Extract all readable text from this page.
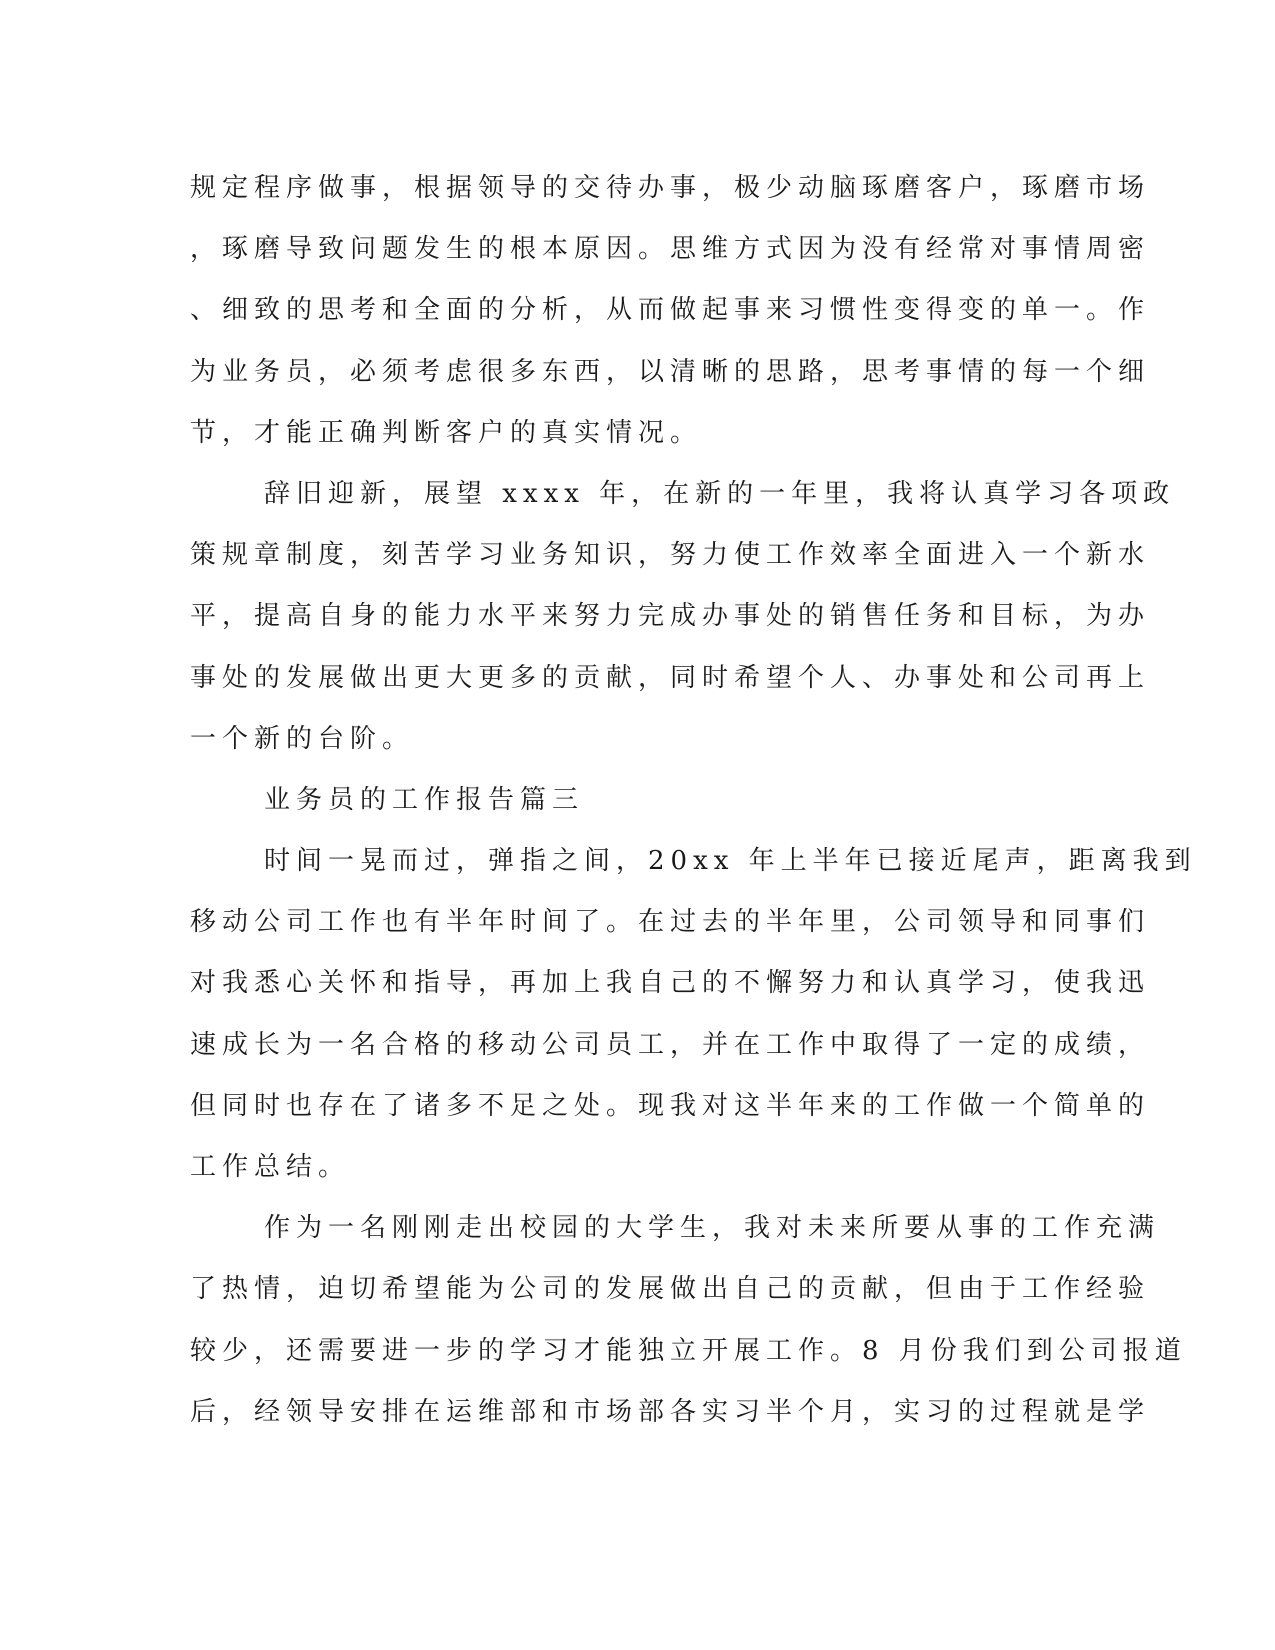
规定程序做事，根据领导的交待办事，极少动脑琢磨客户，琢磨市场
，琢磨导致问题发生的根本原因。思维方式因为没有经常对事情周密
、细致的思考和全面的分析，从而做起事来习惯性变得变的单一。作
为业务员，必须考虑很多东西，以清晰的思路，思考事情的每一个细
节，才能正确判断客户的真实情况。
辞旧迎新，展望 xxxx 年，在新的一年里，我将认真学习各项政
策规章制度，刻苦学习业务知识，努力使工作效率全面进入一个新水
平，提高自身的能力水平来努力完成办事处的销售任务和目标，为办
事处的发展做出更大更多的贡献，同时希望个人、办事处和公司再上
一个新的台阶。
业务员的工作报告篇三
时间一晃而过，弹指之间，20xx 年上半年已接近尾声，距离我到
移动公司工作也有半年时间了。在过去的半年里，公司领导和同事们
对我悉心关怀和指导，再加上我自己的不懈努力和认真学习，使我迅
速成长为一名合格的移动公司员工，并在工作中取得了一定的成绩，
但同时也存在了诸多不足之处。现我对这半年来的工作做一个简单的
工作总结。
作为一名刚刚走出校园的大学生，我对未来所要从事的工作充满
了热情，迫切希望能为公司的发展做出自己的贡献，但由于工作经验
较少，还需要进一步的学习才能独立开展工作。8 月份我们到公司报道
后，经领导安排在运维部和市场部各实习半个月，实习的过程就是学
